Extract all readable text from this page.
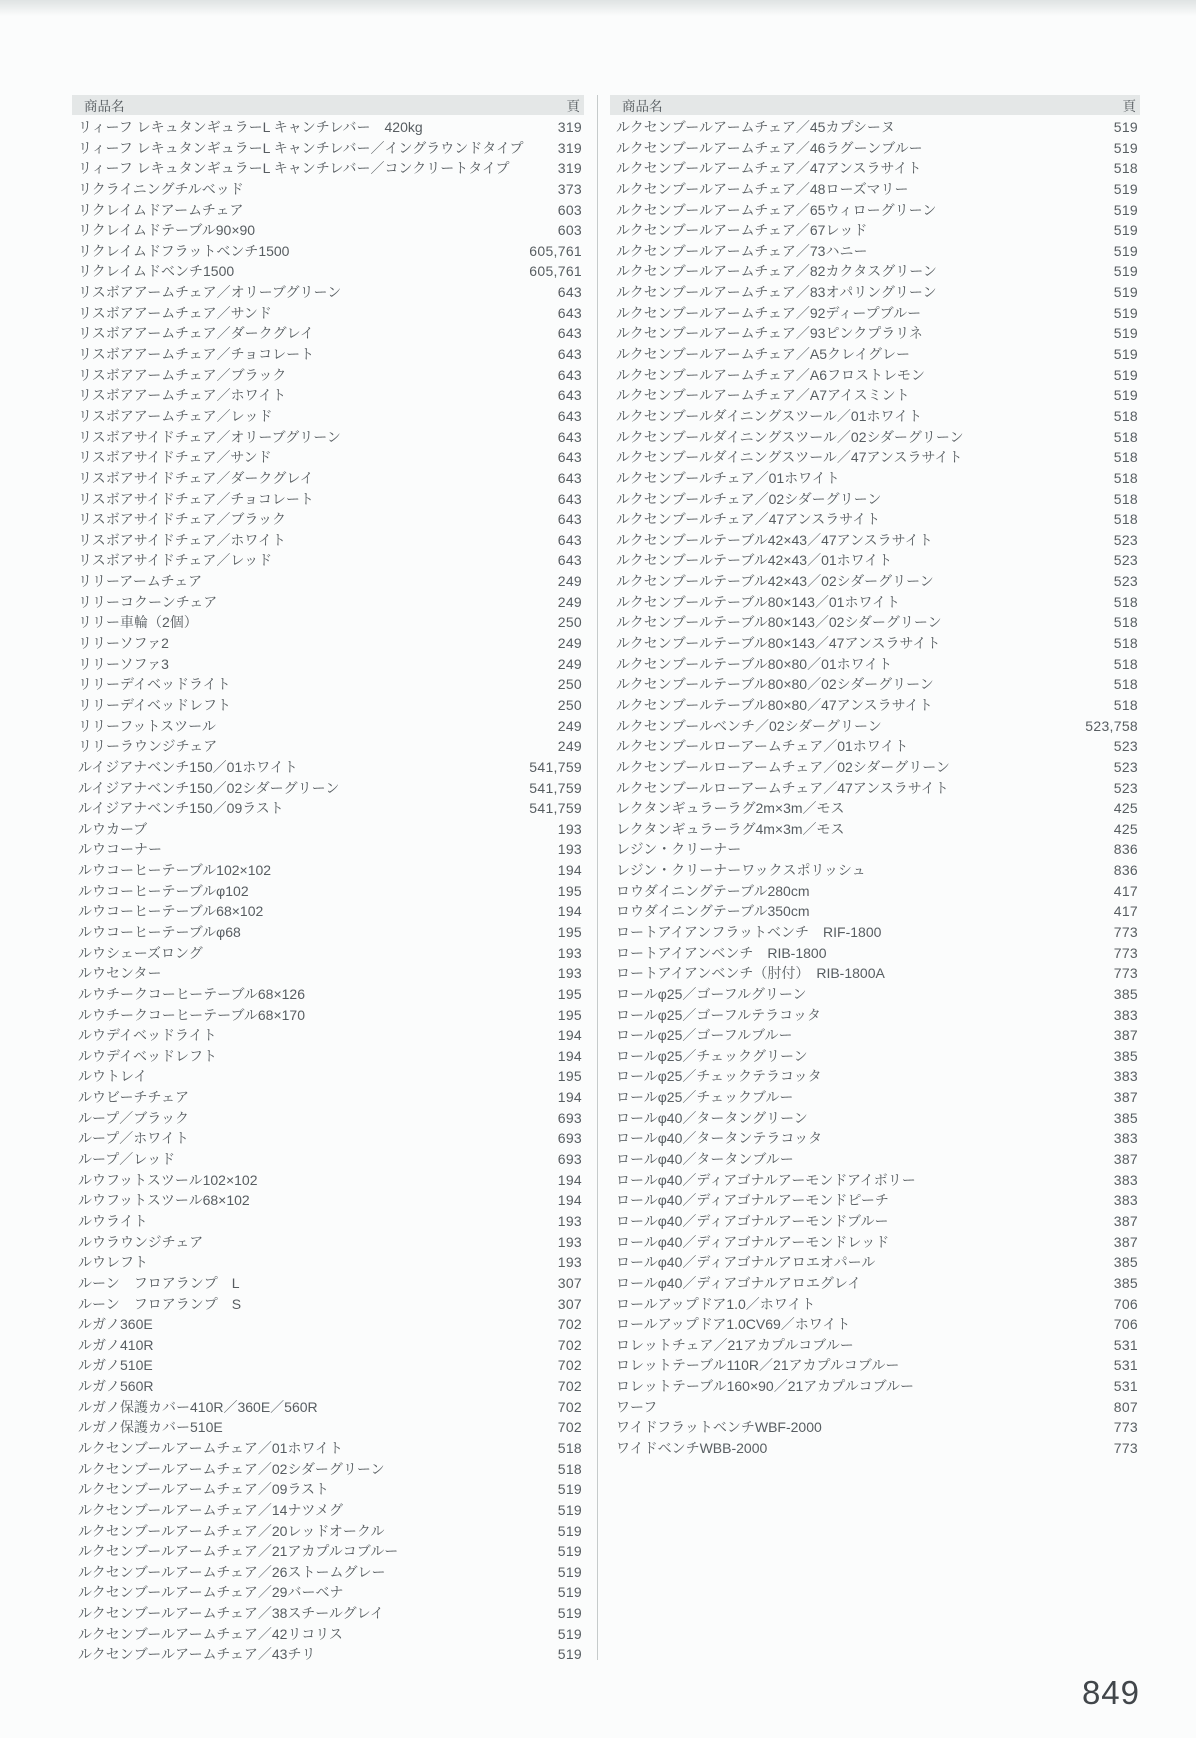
商品名	頁
リィーフ レキュタンギュラーL キャンチレバー　420kg	319
リィーフ レキュタンギュラーL キャンチレバー／イングラウンドタイプ 319
リィーフ レキュタンギュラーL キャンチレバー／コンクリートタイプ	319
リクライニングチルベッド	373
リクレイムドアームチェア	603
リクレイムドテーブル90×90	603
リクレイムドフラットベンチ1500	605,761
リクレイムドベンチ1500	605,761
リスボアアームチェア／オリーブグリーン	643
リスボアアームチェア／サンド	643
リスボアアームチェア／ダークグレイ	643
リスボアアームチェア／チョコレート	643
リスボアアームチェア／ブラック	643
リスボアアームチェア／ホワイト	643
リスボアアームチェア／レッド	643
リスボアサイドチェア／オリーブグリーン	643
リスボアサイドチェア／サンド	643
リスボアサイドチェア／ダークグレイ	643
リスボアサイドチェア／チョコレート	643
リスボアサイドチェア／ブラック	643
リスボアサイドチェア／ホワイト	643
リスボアサイドチェア／レッド	643
リリーアームチェア	249
リリーコクーンチェア	249
リリー車輪（2個）	250
リリーソファ2	249
リリーソファ3	249
リリーデイベッドライト	250
リリーデイベッドレフト	250
リリーフットスツール	249
リリーラウンジチェア	249
ルイジアナベンチ150／01ホワイト	541,759
ルイジアナベンチ150／02シダーグリーン	541,759
ルイジアナベンチ150／09ラスト	541,759
ルウカーブ	193
ルウコーナー	193
ルウコーヒーテーブル102×102	194
ルウコーヒーテーブルφ102	195
ルウコーヒーテーブル68×102	194
ルウコーヒーテーブルφ68	195
ルウシェーズロング	193
ルウセンター	193
ルウチークコーヒーテーブル68×126	195
ルウチークコーヒーテーブル68×170	195
ルウデイベッドライト	194
ルウデイベッドレフト	194
ルウトレイ	195
ルウビーチチェア	194
ループ／ブラック	693
ループ／ホワイト	693
ループ／レッド	693
ルウフットスツール102×102	194
ルウフットスツール68×102	194
ルウライト	193
ルウラウンジチェア	193
ルウレフト	193
ルーン　フロアランプ　L	307
ルーン　フロアランプ　S	307
ルガノ360E	702
ルガノ410R	702
ルガノ510E	702
ルガノ560R	702
ルガノ保護カバー410R／360E／560R	702
ルガノ保護カバー510E	702
ルクセンブールアームチェア／01ホワイト	518
ルクセンブールアームチェア／02シダーグリーン	518
ルクセンブールアームチェア／09ラスト	519
ルクセンブールアームチェア／14ナツメグ	519
ルクセンブールアームチェア／20レッドオークル	519
ルクセンブールアームチェア／21アカプルコブルー	519
ルクセンブールアームチェア／26ストームグレー	519
ルクセンブールアームチェア／29バーベナ	519
ルクセンブールアームチェア／38スチールグレイ	519
ルクセンブールアームチェア／42リコリス	519
ルクセンブールアームチェア／43チリ	519
商品名	頁
ルクセンブールアームチェア／45カプシーヌ	519
ルクセンブールアームチェア／46ラグーンブルー	519
ルクセンブールアームチェア／47アンスラサイト	518
ルクセンブールアームチェア／48ローズマリー	519
ルクセンブールアームチェア／65ウィローグリーン	519
ルクセンブールアームチェア／67レッド	519
ルクセンブールアームチェア／73ハニー	519
ルクセンブールアームチェア／82カクタスグリーン	519
ルクセンブールアームチェア／83オパリングリーン	519
ルクセンブールアームチェア／92ディープブルー	519
ルクセンブールアームチェア／93ピンクプラリネ	519
ルクセンブールアームチェア／A5クレイグレー	519
ルクセンブールアームチェア／A6フロストレモン	519
ルクセンブールアームチェア／A7アイスミント	519
ルクセンブールダイニングスツール／01ホワイト	518
ルクセンブールダイニングスツール／02シダーグリーン	518
ルクセンブールダイニングスツール／47アンスラサイト	518
ルクセンブールチェア／01ホワイト	518
ルクセンブールチェア／02シダーグリーン	518
ルクセンブールチェア／47アンスラサイト	518
ルクセンブールテーブル42×43／47アンスラサイト	523
ルクセンブールテーブル42×43／01ホワイト	523
ルクセンブールテーブル42×43／02シダーグリーン	523
ルクセンブールテーブル80×143／01ホワイト	518
ルクセンブールテーブル80×143／02シダーグリーン	518
ルクセンブールテーブル80×143／47アンスラサイト	518
ルクセンブールテーブル80×80／01ホワイト	518
ルクセンブールテーブル80×80／02シダーグリーン	518
ルクセンブールテーブル80×80／47アンスラサイト	518
ルクセンブールベンチ／02シダーグリーン	523,758
ルクセンブールローアームチェア／01ホワイト	523
ルクセンブールローアームチェア／02シダーグリーン	523
ルクセンブールローアームチェア／47アンスラサイト	523
レクタンギュラーラグ2m×3m／モス	425
レクタンギュラーラグ4m×3m／モス	425
レジン・クリーナー	836
レジン・クリーナーワックスポリッシュ	836
ロウダイニングテーブル280cm	417
ロウダイニングテーブル350cm	417
ロートアイアンフラットベンチ　RIF-1800	773
ロートアイアンベンチ　RIB-1800	773
ロートアイアンベンチ（肘付）　RIB-1800A	773
ロールφ25／ゴーフルグリーン	385
ロールφ25／ゴーフルテラコッタ	383
ロールφ25／ゴーフルブルー	387
ロールφ25／チェックグリーン	385
ロールφ25／チェックテラコッタ	383
ロールφ25／チェックブルー	387
ロールφ40／タータングリーン	385
ロールφ40／タータンテラコッタ	383
ロールφ40／タータンブルー	387
ロールφ40／ディアゴナルアーモンドアイボリー	383
ロールφ40／ディアゴナルアーモンドピーチ	383
ロールφ40／ディアゴナルアーモンドブルー	387
ロールφ40／ディアゴナルアーモンドレッド	387
ロールφ40／ディアゴナルアロエオパール	385
ロールφ40／ディアゴナルアロエグレイ	385
ロールアップドア1.0／ホワイト	706
ロールアップドア1.0CV69／ホワイト	706
ロレットチェア／21アカプルコブルー	531
ロレットテーブル110R／21アカプルコブルー	531
ロレットテーブル160×90／21アカプルコブルー	531
ワーフ	807
ワイドフラットベンチWBF-2000	773
ワイドベンチWBB-2000	773
849
